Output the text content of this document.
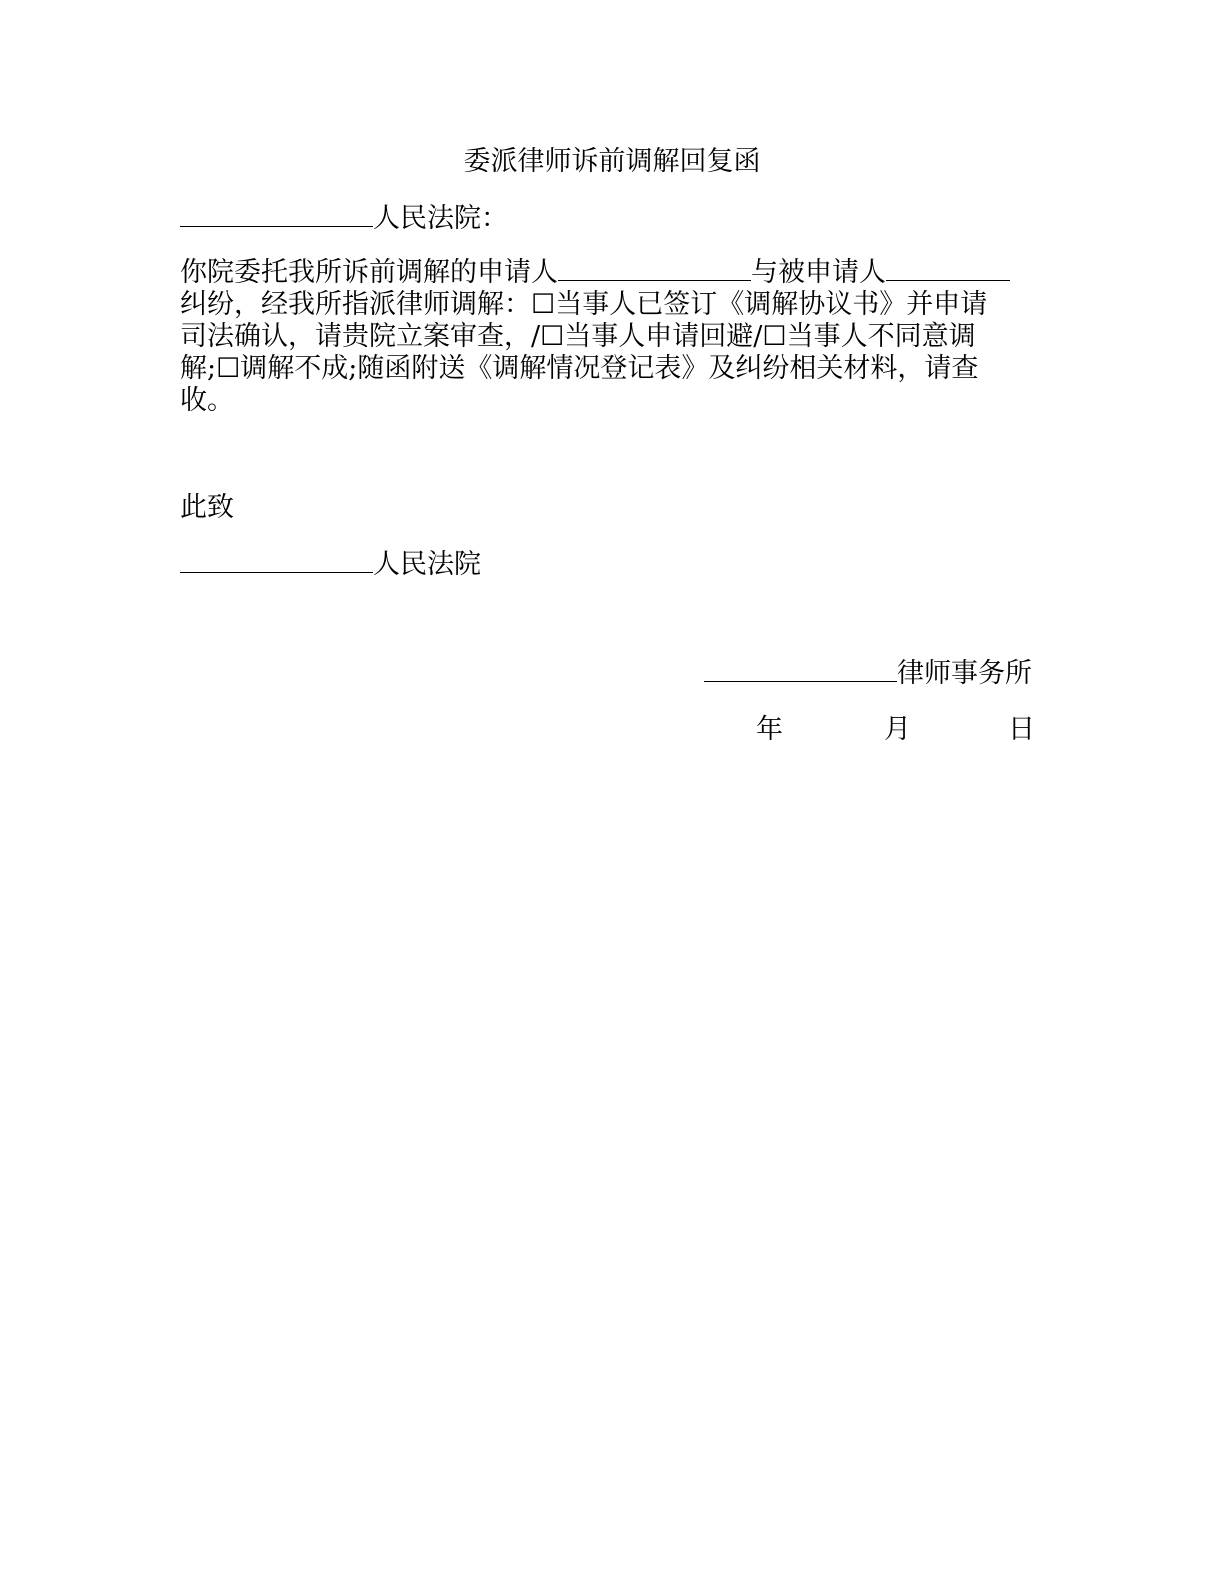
委派律师诉前调解回复函
人民法院：
你院委托我所诉前调解的申请人	与被申请人
纠纷，经我所指派律师调解：☐当事人已签订《调解协议书》并申请
司法确认，请贵院立案审查，/☐当事人申请回避/☐当事人不同意调
解;☐调解不成;随函附送《调解情况登记表》及纠纷相关材料，请查
收。
此致
人民法院
律师事务所
年	月	日
